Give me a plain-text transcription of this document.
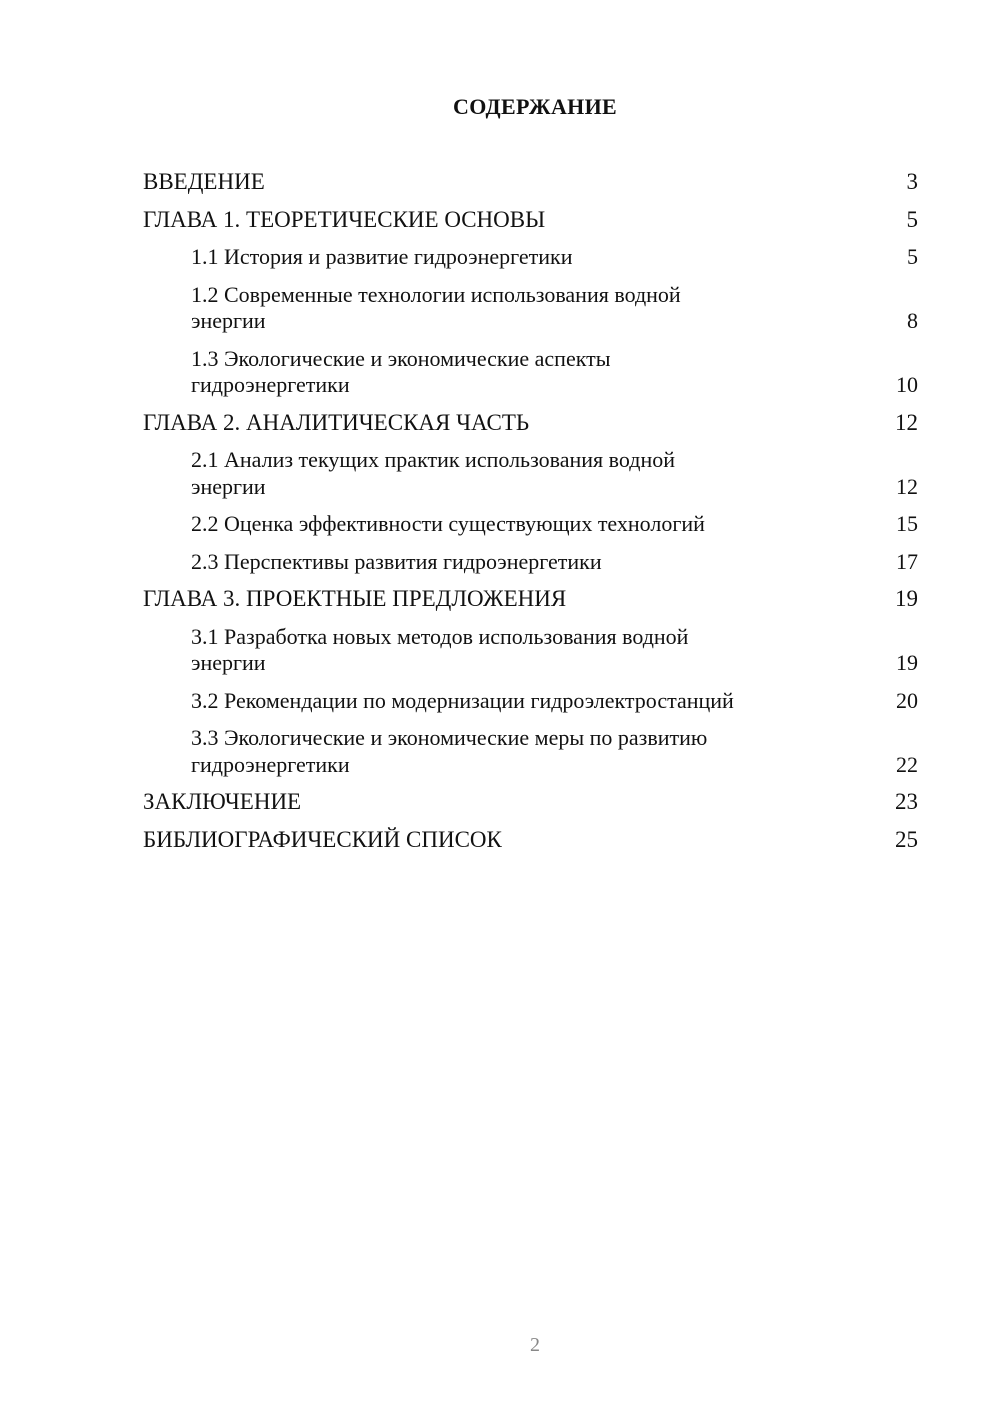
СОДЕРЖАНИЕ
ВВЕДЕНИЕ	3
ГЛАВА 1. ТЕОРЕТИЧЕСКИЕ ОСНОВЫ	5
1.1 История и развитие гидроэнергетики	5
1.2 Современные технологии использования водной энергии	8
1.3 Экологические и экономические аспекты гидроэнергетики	10
ГЛАВА 2. АНАЛИТИЧЕСКАЯ ЧАСТЬ	12
2.1 Анализ текущих практик использования водной энергии	12
2.2 Оценка эффективности существующих технологий	15
2.3 Перспективы развития гидроэнергетики	17
ГЛАВА 3. ПРОЕКТНЫЕ ПРЕДЛОЖЕНИЯ	19
3.1 Разработка новых методов использования водной энергии	19
3.2 Рекомендации по модернизации гидроэлектростанций	20
3.3 Экологические и экономические меры по развитию гидроэнергетики	22
ЗАКЛЮЧЕНИЕ	23
БИБЛИОГРАФИЧЕСКИЙ СПИСОК	25
2
